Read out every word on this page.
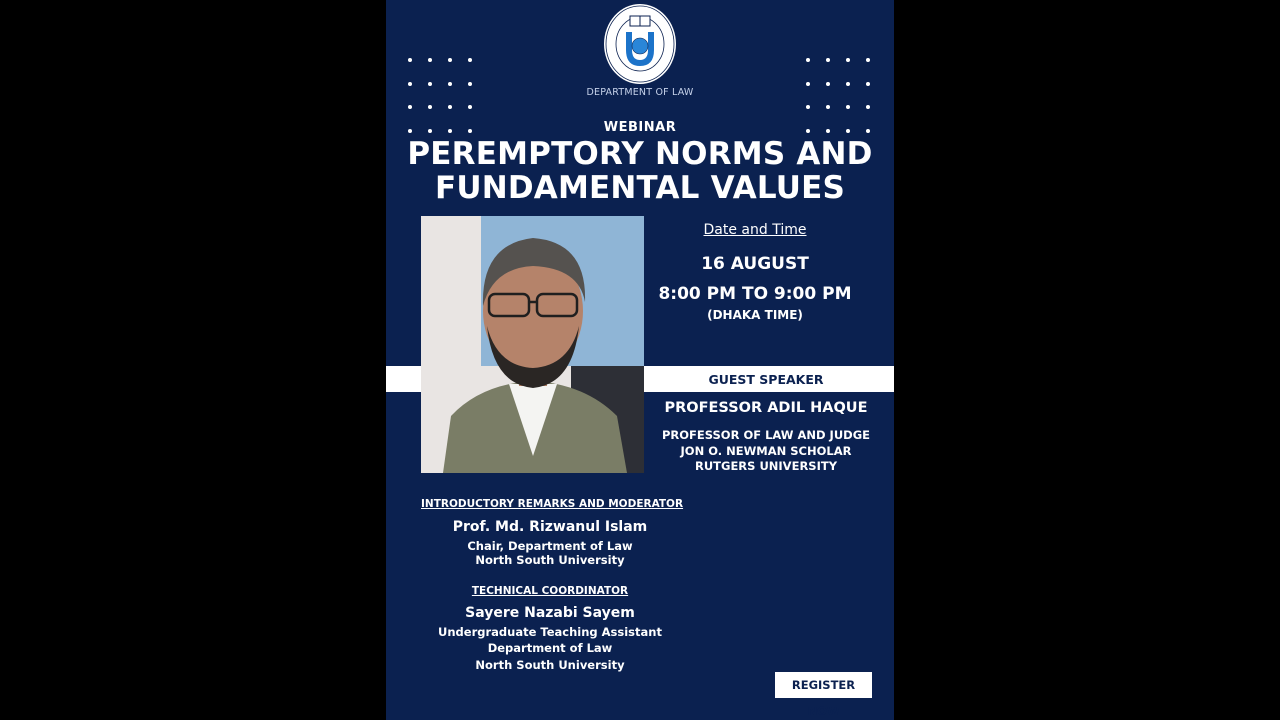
DEPARTMENT OF LAW
WEBINAR
PEREMPTORY NORMS AND
FUNDAMENTAL VALUES
Date and Time
16 AUGUST
8:00 PM TO 9:00 PM
(DHAKA TIME)
GUEST SPEAKER
PROFESSOR ADIL HAQUE
PROFESSOR OF LAW AND JUDGE
JON O. NEWMAN SCHOLAR
RUTGERS UNIVERSITY
INTRODUCTORY REMARKS AND MODERATOR
Prof. Md. Rizwanul Islam
Chair, Department of Law
North South University
TECHNICAL COORDINATOR
Sayere Nazabi Sayem
Undergraduate Teaching Assistant
Department of Law
North South University
REGISTER NOW
